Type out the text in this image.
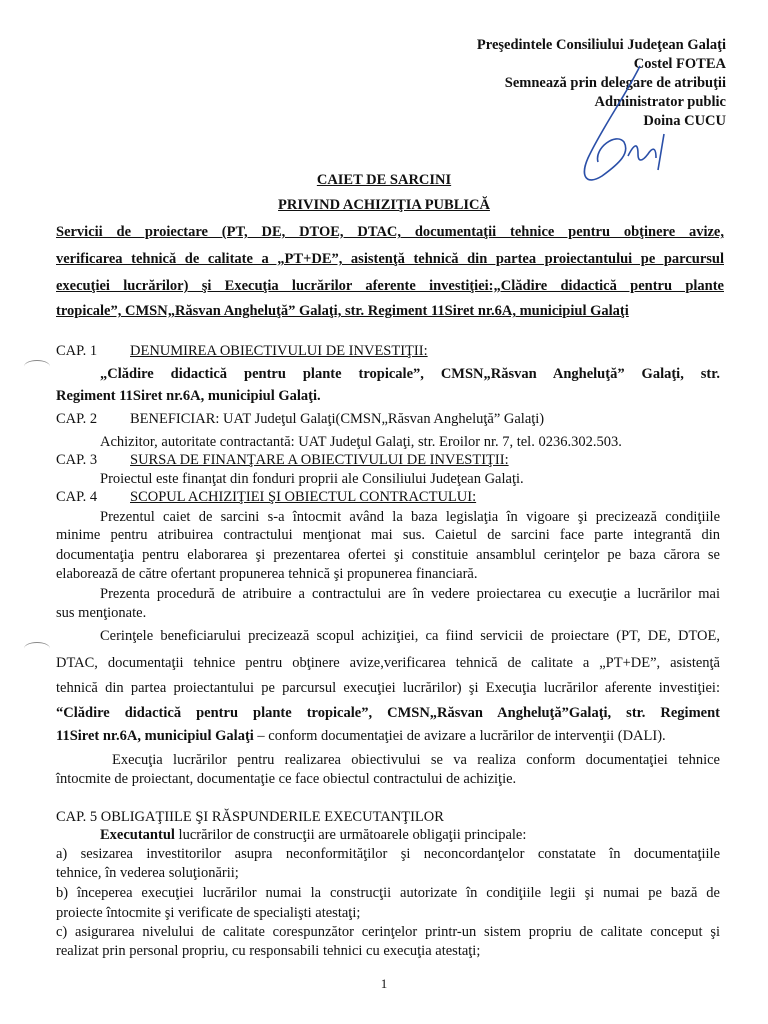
Preşedintele Consiliului Judeţean Galaţi
Costel FOTEA
Semnează prin delegare de atribuţii
Administrator public
Doina CUCU
CAIET DE SARCINI
PRIVIND ACHIZIŢIA PUBLICĂ
Servicii de proiectare (PT, DE, DTOE, DTAC, documentaţii tehnice pentru obţinere avize,
verificarea tehnică de calitate a „PT+DE”, asistenţă tehnică din partea proiectantului pe parcursul
execuţiei lucrărilor) şi Execuţia lucrărilor aferente investiţiei:„Clădire didactică pentru plante
tropicale”, CMSN„Răsvan Angheluţă” Galaţi, str. Regiment 11Siret nr.6A, municipiul Galaţi
CAP. 1 DENUMIREA OBIECTIVULUI DE INVESTIŢII:
„Clădire didactică pentru plante tropicale”, CMSN„Răsvan Angheluţă” Galaţi, str.
Regiment 11Siret nr.6A, municipiul Galaţi.
CAP. 2 BENEFICIAR: UAT Judeţul Galaţi(CMSN„Răsvan Angheluţă” Galaţi)
Achizitor, autoritate contractantă: UAT Judeţul Galaţi, str. Eroilor nr. 7, tel. 0236.302.503.
CAP. 3 SURSA DE FINANŢARE A OBIECTIVULUI DE INVESTIŢII:
Proiectul este finanţat din fonduri proprii ale Consiliului Judeţean Galaţi.
CAP. 4 SCOPUL ACHIZIŢIEI ŞI OBIECTUL CONTRACTULUI:
Prezentul caiet de sarcini s-a întocmit având la baza legislaţia în vigoare şi precizează condiţiile
minime pentru atribuirea contractului menţionat mai sus. Caietul de sarcini face parte integrantă din
documentaţia pentru elaborarea şi prezentarea ofertei şi constituie ansamblul cerinţelor pe baza cărora se
elaborează de către ofertant propunerea tehnică şi propunerea financiară.
Prezenta procedură de atribuire a contractului are în vedere proiectarea cu execuţie a lucrărilor mai
sus menţionate.
Cerinţele beneficiarului precizează scopul achiziţiei, ca fiind servicii de proiectare (PT, DE, DTOE,
DTAC, documentaţii tehnice pentru obţinere avize,verificarea tehnică de calitate a „PT+DE”, asistenţă
tehnică din partea proiectantului pe parcursul execuţiei lucrărilor) şi Execuţia lucrărilor aferente investiţiei:
“Clădire didactică pentru plante tropicale”, CMSN„Răsvan Angheluţă”Galaţi, str. Regiment
11Siret nr.6A, municipiul Galaţi – conform documentaţiei de avizare a lucrărilor de intervenţii (DALI).
Execuţia lucrărilor pentru realizarea obiectivului se va realiza conform documentaţiei tehnice
întocmite de proiectant, documentaţie ce face obiectul contractului de achiziţie.
CAP. 5 OBLIGAŢIILE ŞI RĂSPUNDERILE EXECUTANŢILOR
Executantul lucrărilor de construcţii are următoarele obligaţii principale:
a) sesizarea investitorilor asupra neconformităţilor şi neconcordanţelor constatate în documentaţiile
tehnice, în vederea soluţionării;
b) începerea execuţiei lucrărilor numai la construcţii autorizate în condiţiile legii şi numai pe bază de
proiecte întocmite şi verificate de specialişti atestaţi;
c) asigurarea nivelului de calitate corespunzător cerinţelor printr-un sistem propriu de calitate conceput şi
realizat prin personal propriu, cu responsabili tehnici cu execuţia atestaţi;
1
